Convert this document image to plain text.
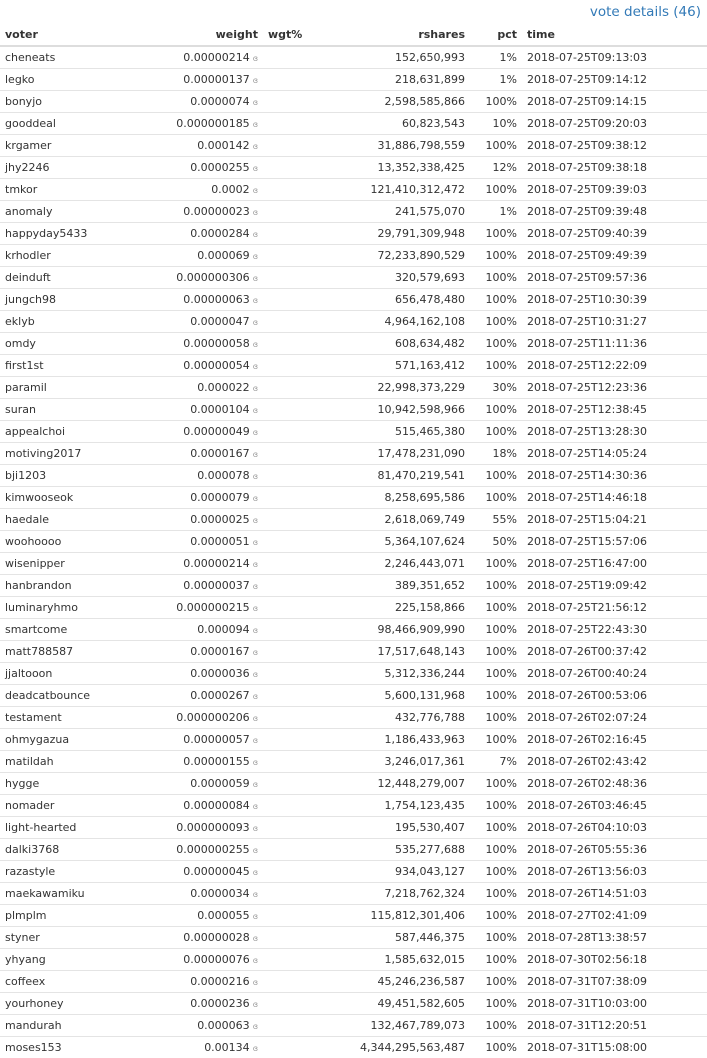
vote details (46)
voter	weight	wgt%	rshares	pct	time
cheneats	0.00000214 ɞ		152,650,993	1%	2018-07-25T09:13:03
legko	0.00000137 ɞ		218,631,899	1%	2018-07-25T09:14:12
bonyjo	0.0000074 ɞ		2,598,585,866	100%	2018-07-25T09:14:15
gooddeal	0.000000185 ɞ		60,823,543	10%	2018-07-25T09:20:03
krgamer	0.000142 ɞ		31,886,798,559	100%	2018-07-25T09:38:12
jhy2246	0.0000255 ɞ		13,352,338,425	12%	2018-07-25T09:38:18
tmkor	0.0002 ɞ		121,410,312,472	100%	2018-07-25T09:39:03
anomaly	0.00000023 ɞ		241,575,070	1%	2018-07-25T09:39:48
happyday5433	0.0000284 ɞ		29,791,309,948	100%	2018-07-25T09:40:39
krhodler	0.000069 ɞ		72,233,890,529	100%	2018-07-25T09:49:39
deinduft	0.000000306 ɞ		320,579,693	100%	2018-07-25T09:57:36
jungch98	0.00000063 ɞ		656,478,480	100%	2018-07-25T10:30:39
eklyb	0.0000047 ɞ		4,964,162,108	100%	2018-07-25T10:31:27
omdy	0.00000058 ɞ		608,634,482	100%	2018-07-25T11:11:36
first1st	0.00000054 ɞ		571,163,412	100%	2018-07-25T12:22:09
paramil	0.000022 ɞ		22,998,373,229	30%	2018-07-25T12:23:36
suran	0.0000104 ɞ		10,942,598,966	100%	2018-07-25T12:38:45
appealchoi	0.00000049 ɞ		515,465,380	100%	2018-07-25T13:28:30
motiving2017	0.0000167 ɞ		17,478,231,090	18%	2018-07-25T14:05:24
bji1203	0.000078 ɞ		81,470,219,541	100%	2018-07-25T14:30:36
kimwooseok	0.0000079 ɞ		8,258,695,586	100%	2018-07-25T14:46:18
haedale	0.0000025 ɞ		2,618,069,749	55%	2018-07-25T15:04:21
woohoooo	0.0000051 ɞ		5,364,107,624	50%	2018-07-25T15:57:06
wisenipper	0.00000214 ɞ		2,246,443,071	100%	2018-07-25T16:47:00
hanbrandon	0.00000037 ɞ		389,351,652	100%	2018-07-25T19:09:42
luminaryhmo	0.000000215 ɞ		225,158,866	100%	2018-07-25T21:56:12
smartcome	0.000094 ɞ		98,466,909,990	100%	2018-07-25T22:43:30
matt788587	0.0000167 ɞ		17,517,648,143	100%	2018-07-26T00:37:42
jjaltooon	0.0000036 ɞ		5,312,336,244	100%	2018-07-26T00:40:24
deadcatbounce	0.0000267 ɞ		5,600,131,968	100%	2018-07-26T00:53:06
testament	0.000000206 ɞ		432,776,788	100%	2018-07-26T02:07:24
ohmygazua	0.00000057 ɞ		1,186,433,963	100%	2018-07-26T02:16:45
matildah	0.00000155 ɞ		3,246,017,361	7%	2018-07-26T02:43:42
hygge	0.0000059 ɞ		12,448,279,007	100%	2018-07-26T02:48:36
nomader	0.00000084 ɞ		1,754,123,435	100%	2018-07-26T03:46:45
light-hearted	0.000000093 ɞ		195,530,407	100%	2018-07-26T04:10:03
dalki3768	0.000000255 ɞ		535,277,688	100%	2018-07-26T05:55:36
razastyle	0.00000045 ɞ		934,043,127	100%	2018-07-26T13:56:03
maekawamiku	0.0000034 ɞ		7,218,762,324	100%	2018-07-26T14:51:03
plmplm	0.000055 ɞ		115,812,301,406	100%	2018-07-27T02:41:09
styner	0.00000028 ɞ		587,446,375	100%	2018-07-28T13:38:57
yhyang	0.00000076 ɞ		1,585,632,015	100%	2018-07-30T02:56:18
coffeex	0.0000216 ɞ		45,246,236,587	100%	2018-07-31T07:38:09
yourhoney	0.0000236 ɞ		49,451,582,605	100%	2018-07-31T10:03:00
mandurah	0.000063 ɞ		132,467,789,073	100%	2018-07-31T12:20:51
moses153	0.00134 ɞ		4,344,295,563,487	100%	2018-07-31T15:08:00
